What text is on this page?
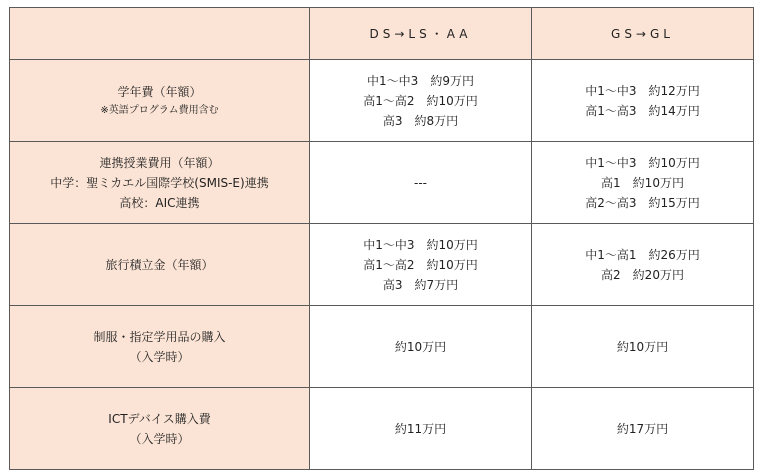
	DS→LS・AA	GS→GL

学年費（年額）
※英語プログラム費用含む	中1～中3　約9万円
高1～高2　約10万円
高3　約8万円	中1～中3　約12万円
高1～高3　約14万円

連携授業費用（年額）
中学：聖ミカエル国際学校(SMIS-E)連携
高校：AIC連携	---	中1～中3　約10万円
高1　約10万円
高2～高3　約15万円

旅行積立金（年額）	中1～中3　約10万円
高1～高2　約10万円
高3　約7万円	中1～高1　約26万円
高2　約20万円

制服・指定学用品の購入
（入学時）	約10万円	約10万円

ICTデバイス購入費
（入学時）	約11万円	約17万円
